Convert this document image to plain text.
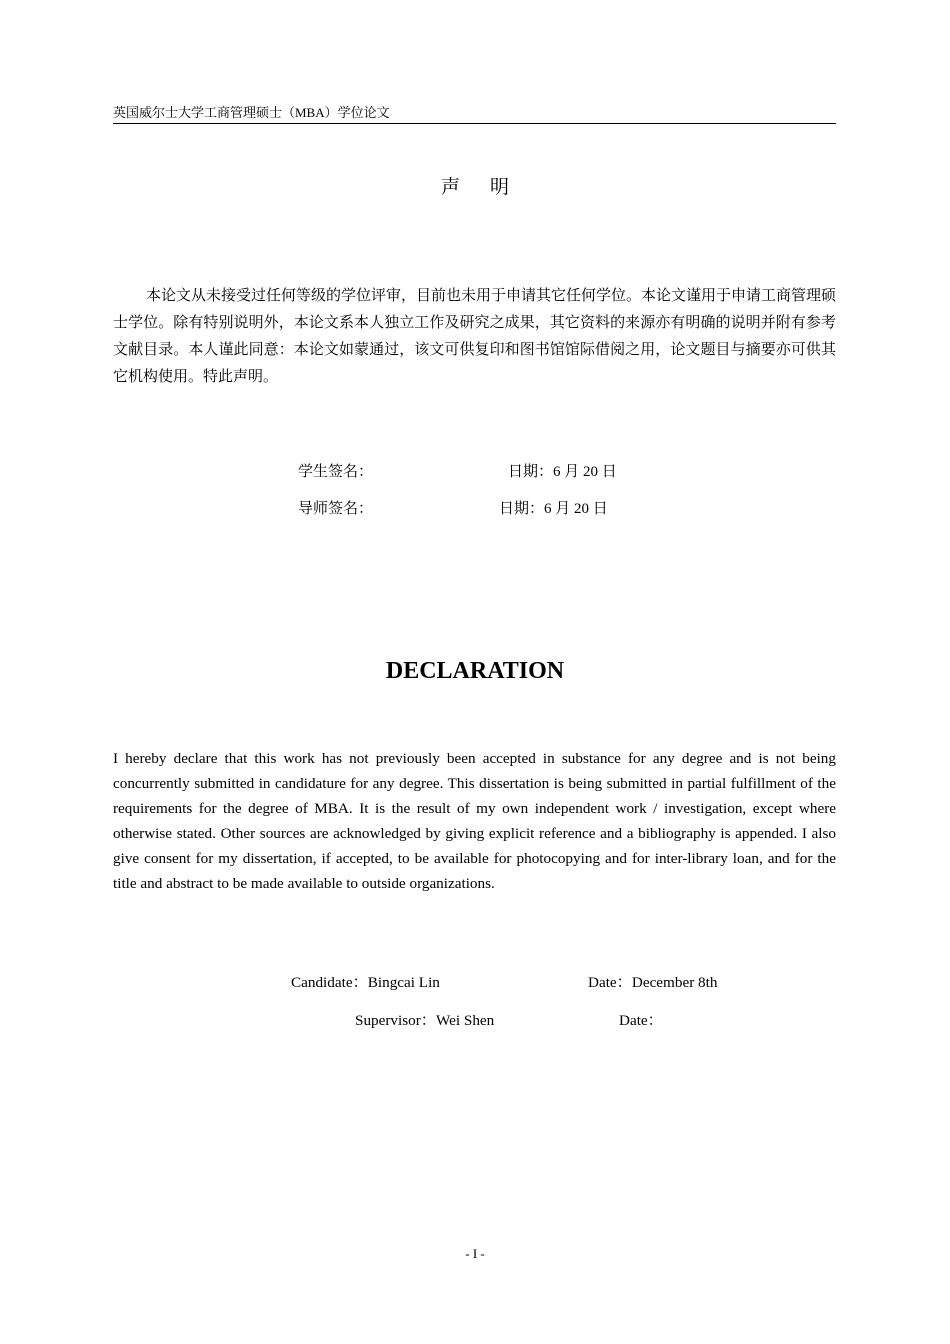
英国威尔士大学工商管理硕士（MBA）学位论文
声明

本论文从未接受过任何等级的学位评审，目前也未用于申请其它任何学位。本论文谨用于申请工商管理硕士学位。除有特别说明外，本论文系本人独立工作及研究之成果，其它资料的来源亦有明确的说明并附有参考文献目录。本人谨此同意：本论文如蒙通过，该文可供复印和图书馆馆际借阅之用，论文题目与摘要亦可供其它机构使用。特此声明。

学生签名：	日期：6 月 20 日
导师签名：	日期：6 月 20 日
DECLARATION

I hereby declare that this work has not previously been accepted in substance for any degree and is not being concurrently submitted in candidature for any degree. This dissertation is being submitted in partial fulfillment of the requirements for the degree of MBA. It is the result of my own independent work / investigation, except where otherwise stated. Other sources are acknowledged by giving explicit reference and a bibliography is appended. I also give consent for my dissertation, if accepted, to be available for photocopying and for inter-library loan, and for the title and abstract to be made available to outside organizations.

Candidate：Bingcai Lin	Date：December 8th
Supervisor：Wei Shen	Date：
- I -
